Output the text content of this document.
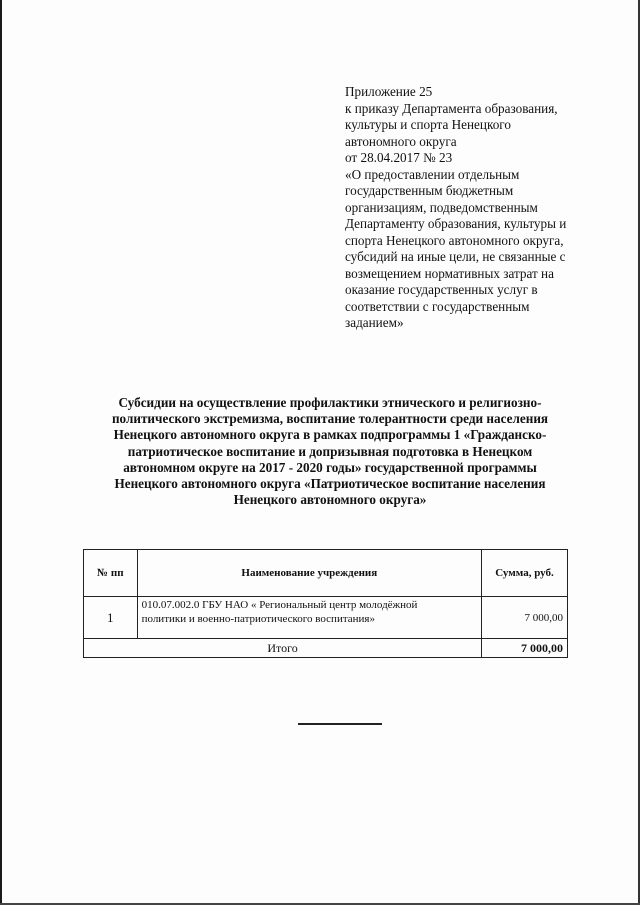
Приложение 25
к приказу Департамента образования,
культуры и спорта Ненецкого
автономного округа
от 28.04.2017 № 23
«О предоставлении отдельным
государственным бюджетным
организациям, подведомственным
Департаменту образования, культуры и
спорта Ненецкого автономного округа,
субсидий на иные цели, не связанные с
возмещением нормативных затрат на
оказание государственных услуг в
соответствии с государственным
заданием»
Субсидии на осуществление профилактики этнического и религиозно-
политического экстремизма, воспитание толерантности среди населения
Ненецкого автономного округа в рамках подпрограммы 1 «Гражданско-
патриотическое воспитание и допризывная подготовка в Ненецком
автономном округе на 2017 - 2020 годы» государственной программы
Ненецкого автономного округа «Патриотическое воспитание населения
Ненецкого автономного округа»
№ пп	Наименование учреждения	Сумма, руб.
1	010.07.002.0 ГБУ НАО « Региональный центр молодёжной
политики и военно-патриотического воспитания»	7 000,00
Итого		7 000,00
